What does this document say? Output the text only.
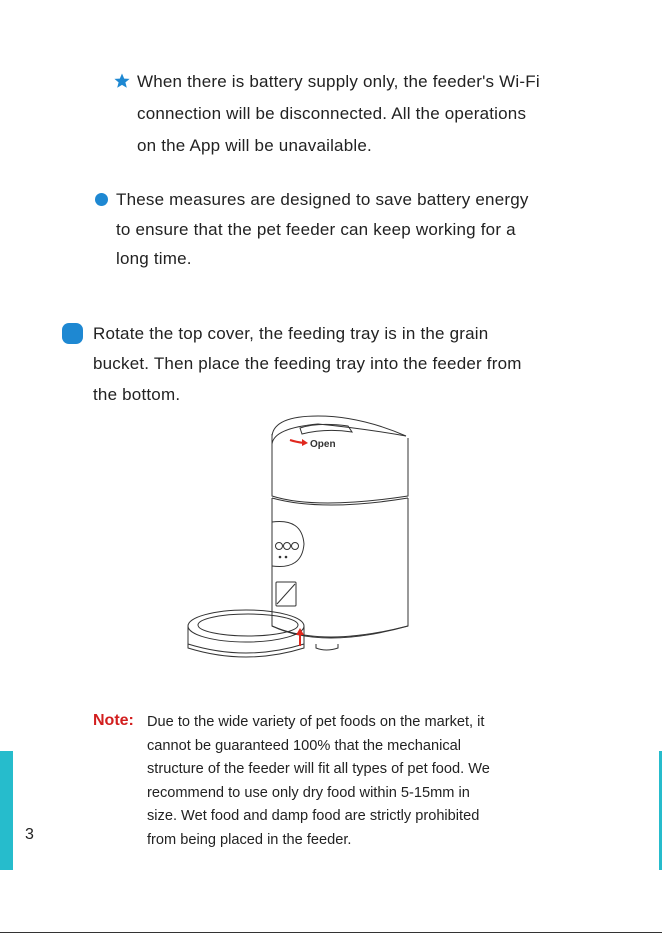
When there is battery supply only, the feeder's Wi-Fi
connection will be disconnected. All the operations
on the App will be unavailable.
These measures are designed to save battery energy
to ensure that the pet feeder can keep working for a
long time.
Rotate the top cover, the feeding tray is in the grain
bucket. Then place the feeding tray into the feeder from
the bottom.
Open
Note: Due to the wide variety of pet foods on the market, it
cannot be guaranteed 100% that the mechanical
structure of the feeder will fit all types of pet food. We
recommend to use only dry food within 5-15mm in
size. Wet food and damp food are strictly prohibited
from being placed in the feeder.
3
